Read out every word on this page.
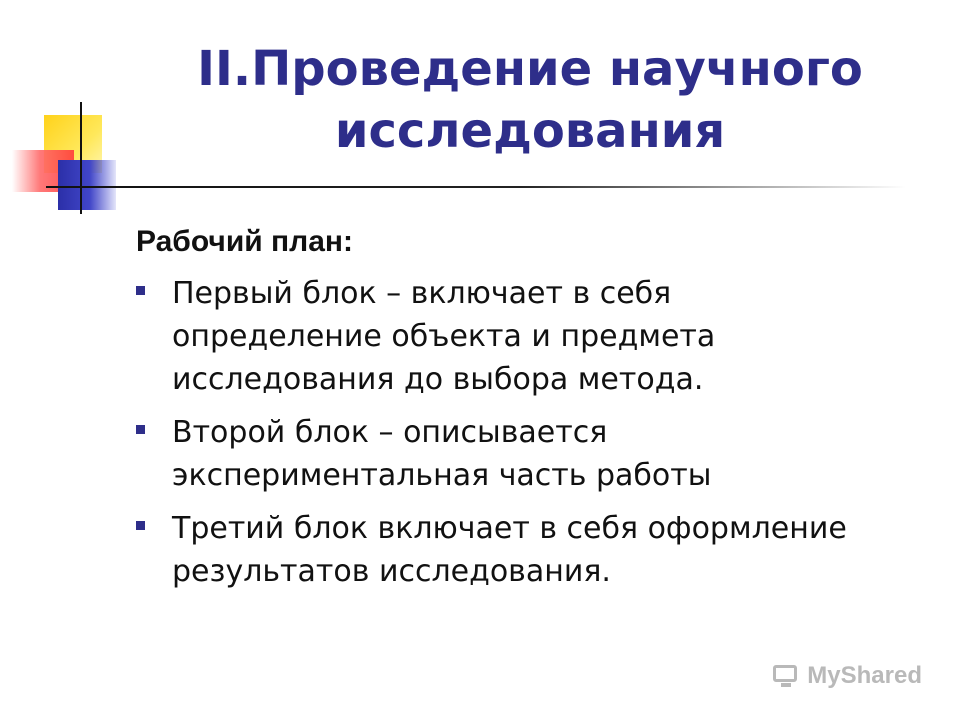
II.Проведение научного
исследования
Рабочий план:
Первый блок – включает в себя
определение объекта и предмета
исследования до выбора метода.
Второй блок – описывается
экспериментальная часть работы
Третий блок включает в себя оформление
результатов исследования.
MyShared
